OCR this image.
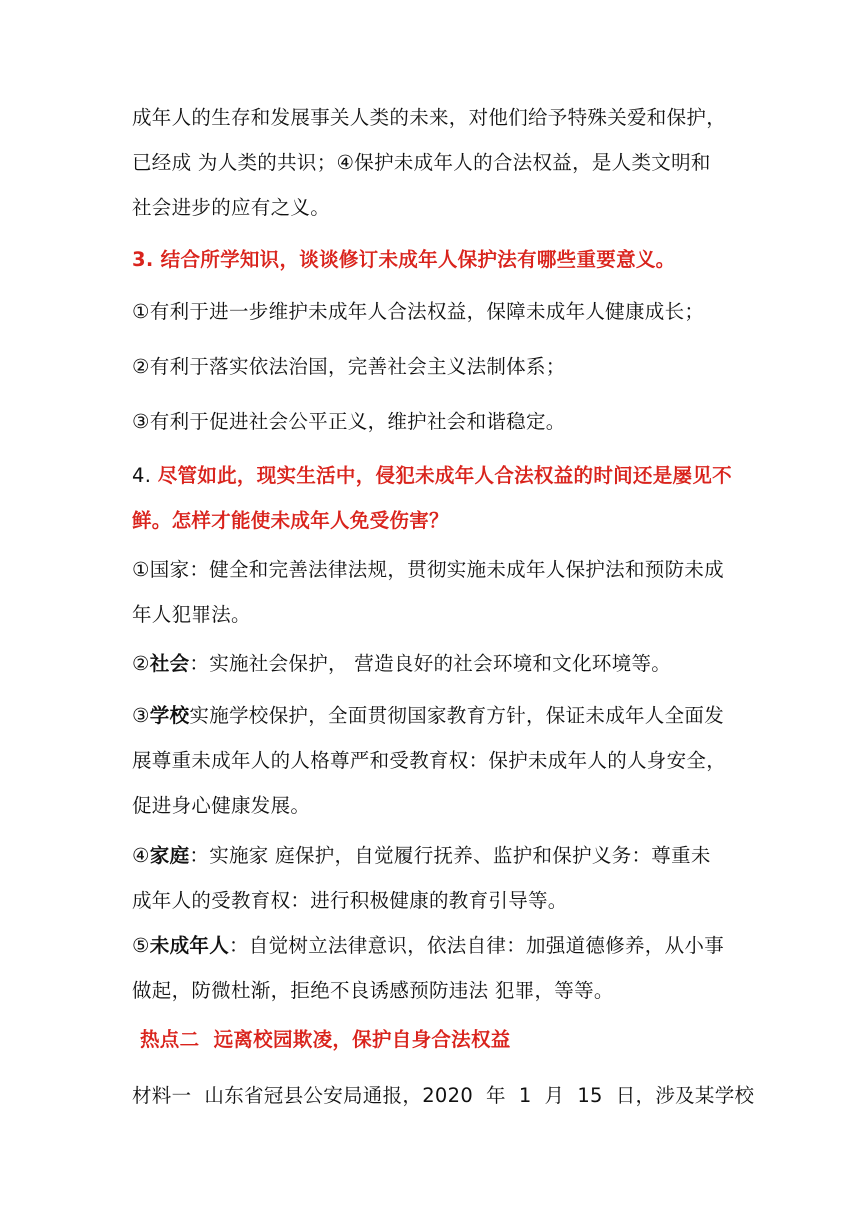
成年人的生存和发展事关人类的未来，对他们给予特殊关爱和保护，
已经成 为人类的共识；④保护未成年人的合法权益，是人类文明和
社会进步的应有之义。
3. 结合所学知识，谈谈修订未成年人保护法有哪些重要意义。
①有利于进一步维护未成年人合法权益，保障未成年人健康成长；
②有利于落实依法治国，完善社会主义法制体系；
③有利于促进社会公平正义，维护社会和谐稳定。
4. 尽管如此，现实生活中，侵犯未成年人合法权益的时间还是屡见不
鲜。怎样才能使未成年人免受伤害？
①国家：健全和完善法律法规，贯彻实施未成年人保护法和预防未成
年人犯罪法。
②社会：实施社会保护， 营造良好的社会环境和文化环境等。
③学校实施学校保护，全面贯彻国家教育方针，保证未成年人全面发
展尊重未成年人的人格尊严和受教育权：保护未成年人的人身安全，
促进身心健康发展。
④家庭：实施家 庭保护，自觉履行抚养、监护和保护义务：尊重未
成年人的受教育权：进行积极健康的教育引导等。
⑤未成年人：自觉树立法律意识，依法自律：加强道德修养，从小事
做起，防微杜渐，拒绝不良诱感预防违法 犯罪，等等。
热点二  远离校园欺凌，保护自身合法权益
材料一  山东省冠县公安局通报，2020  年  1  月  15  日，涉及某学校
